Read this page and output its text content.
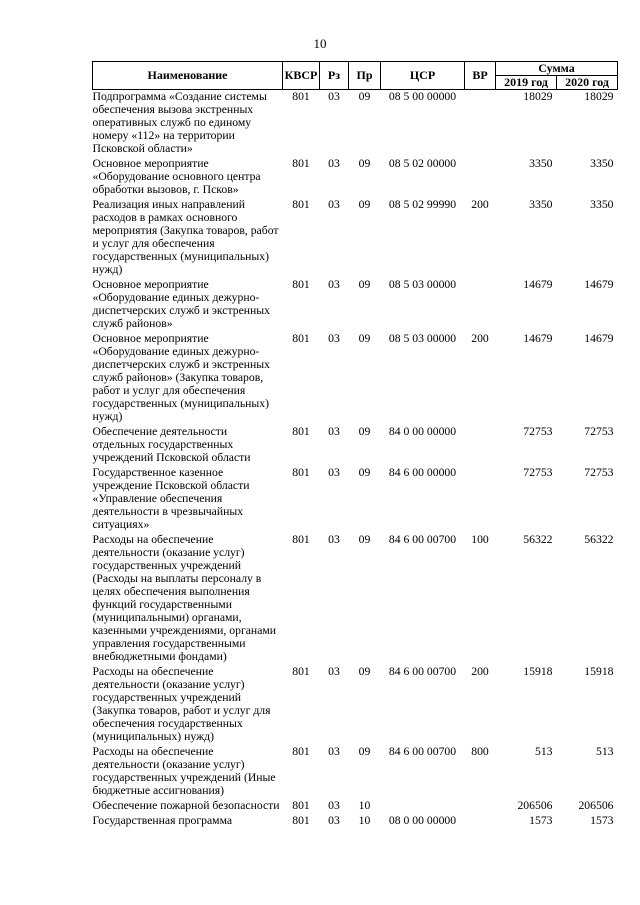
10
Наименование	КВСР	Рз	Пр	ЦСР	ВР	Сумма	
						2019 год	2020 год
Подпрограмма «Создание системы обеспечения вызова экстренных оперативных служб по единому номеру «112» на территории Псковской области»	801	03	09	08 5 00 00000		18029	18029
Основное мероприятие «Оборудование основного центра обработки вызовов, г. Псков»	801	03	09	08 5 02 00000		3350	3350
Реализация иных направлений расходов в рамках основного мероприятия (Закупка товаров, работ и услуг для обеспечения государственных (муниципальных) нужд)	801	03	09	08 5 02 99990	200	3350	3350
Основное мероприятие «Оборудование единых дежурно-диспетчерских служб и экстренных служб районов»	801	03	09	08 5 03 00000		14679	14679
Основное мероприятие «Оборудование единых дежурно-диспетчерских служб и экстренных служб районов» (Закупка товаров, работ и услуг для обеспечения государственных (муниципальных) нужд)	801	03	09	08 5 03 00000	200	14679	14679
Обеспечение деятельности отдельных государственных учреждений Псковской области	801	03	09	84 0 00 00000		72753	72753
Государственное казенное учреждение Псковской области «Управление обеспечения деятельности в чрезвычайных ситуациях»	801	03	09	84 6 00 00000		72753	72753
Расходы на обеспечение деятельности (оказание услуг) государственных учреждений (Расходы на выплаты персоналу в целях обеспечения выполнения функций государственными (муниципальными) органами, казенными учреждениями, органами управления государственными внебюджетными фондами)	801	03	09	84 6 00 00700	100	56322	56322
Расходы на обеспечение деятельности (оказание услуг) государственных учреждений (Закупка товаров, работ и услуг для обеспечения государственных (муниципальных) нужд)	801	03	09	84 6 00 00700	200	15918	15918
Расходы на обеспечение деятельности (оказание услуг) государственных учреждений (Иные бюджетные ассигнования)	801	03	09	84 6 00 00700	800	513	513
Обеспечение пожарной безопасности	801	03	10			206506	206506
Государственная программа	801	03	10	08 0 00 00000		1573	1573
